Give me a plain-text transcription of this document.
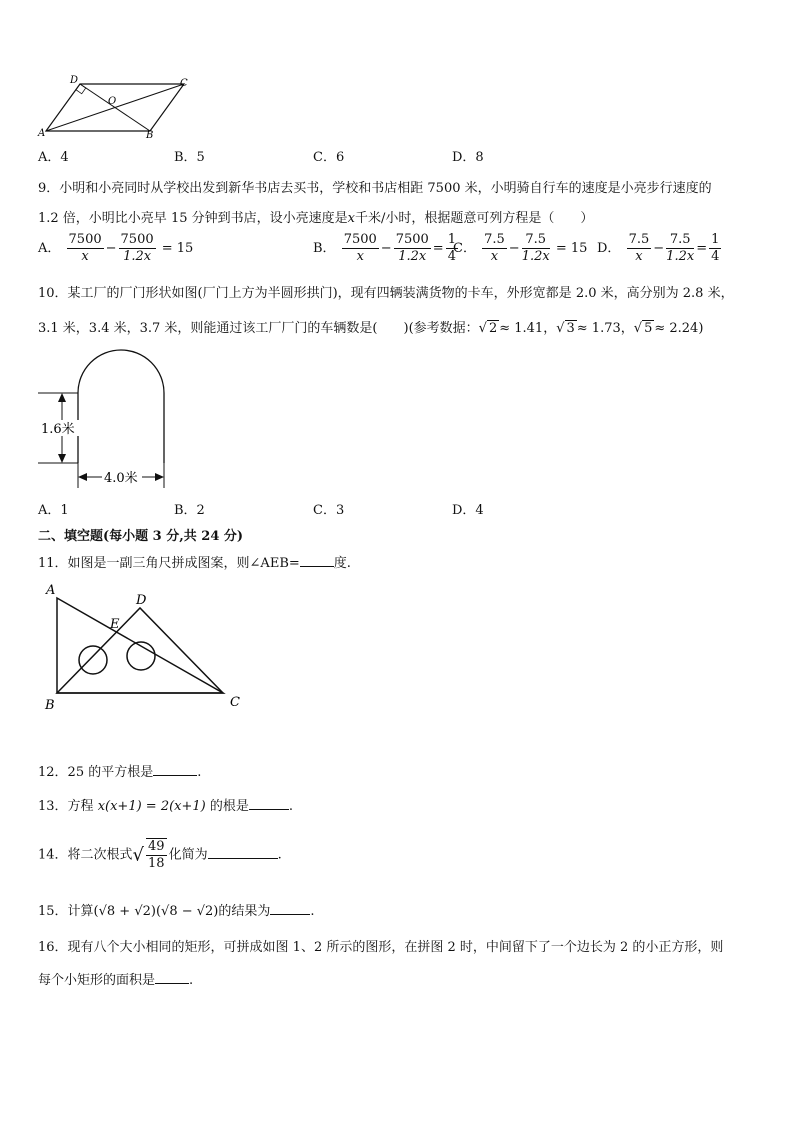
A	B
C
D
O
A．4	B．5	C．6	D．8
9．小明和小亮同时从学校出发到新华书店去买书，学校和书店相距 7500 米，小明骑自行车的速度是小亮步行速度的
1.2 倍，小明比小亮早 15 分钟到书店，设小亮速度是x千米/小时，根据题意可列方程是（　　）
A． $\frac{7500}{x} - \frac{7500}{1.2x} = 15$	B． $\frac{7500}{x} - \frac{7500}{1.2x} = \frac{1}{4}$
C． $\frac{7.5}{x} - \frac{7.5}{1.2x} = 15$ D． $\frac{7.5}{x} - \frac{7.5}{1.2x} = \frac{1}{4}$
10．某工厂的厂门形状如图(厂门上方为半圆形拱门)，现有四辆装满货物的卡车，外形宽都是 2.0 米，高分别为 2.8 米，
3.1 米，3.4 米，3.7 米，则能通过该工厂厂门的车辆数是(　　)(参考数据：√ 2 ≈ 1.41，√ 3 ≈ 1.73，√ 5 ≈ 2.24)
1.6米
4.0米
A．1	B．2	C．3	D．4
二、填空题(每小题 3 分,共 24 分)
11．如图是一副三角尺拼成图案，则∠AEB=	度.
A
B	C
D
E
12．25 的平方根是	.
13．方程 x(x+1) = 2(x+1) 的根是	.
14．将二次根式√ $\frac{49}{18}$ 化简为	.
15．计算(√8 + √2)(√8 − √2)的结果为	.
16．现有八个大小相同的矩形，可拼成如图 1、2 所示的图形，在拼图 2 时，中间留下了一个边长为 2 的小正方形，则
每个小矩形的面积是	.
